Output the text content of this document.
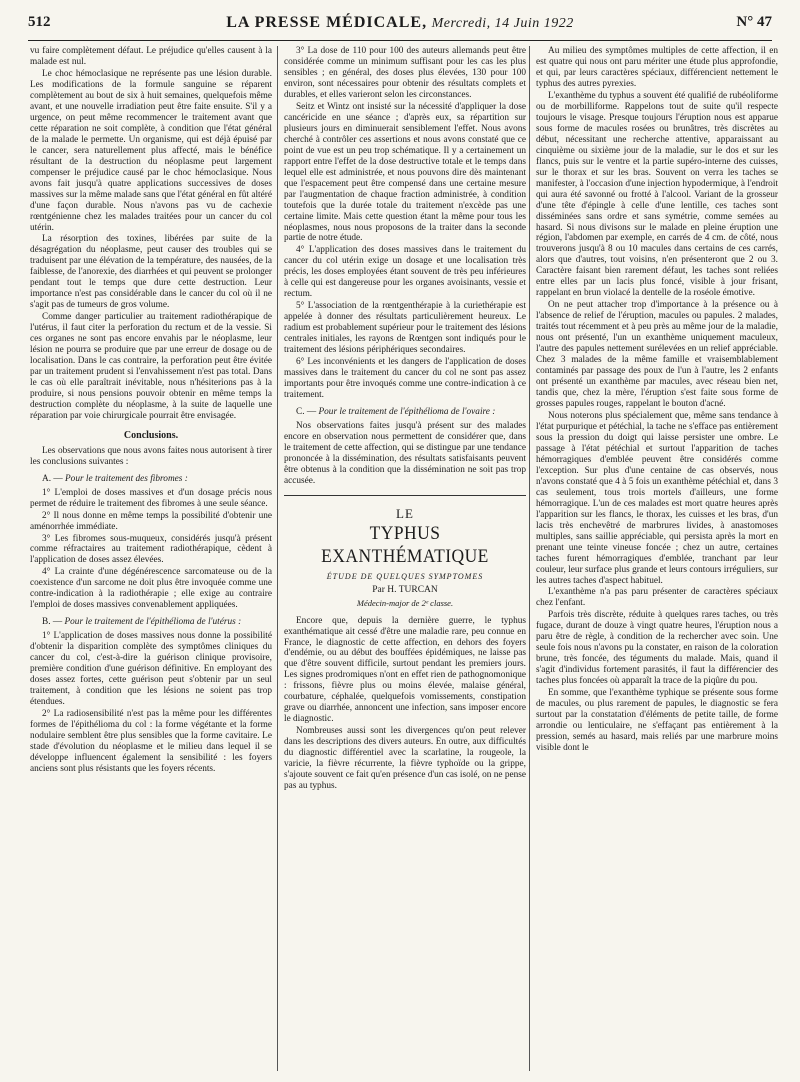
512	LA PRESSE MÉDICALE, Mercredi, 14 Juin 1922	N° 47

vu faire complètement défaut. Le préjudice qu'elles causent à la malade est nul.

Le choc hémoclasique ne représente pas une lésion durable. Les modifications de la formule sanguine se réparent complètement au bout de six à huit semaines, quelquefois même avant, et une nouvelle irradiation peut être faite ensuite. S'il y a urgence, on peut même recommencer le traitement avant que cette réparation ne soit complète, à condition que l'état général de la malade le permette. Un organisme, qui est déjà épuisé par le cancer, sera naturellement plus affecté, mais le bénéfice résultant de la destruction du néoplasme peut largement compenser le préjudice causé par le choc hémoclasique. Nous avons fait jusqu'à quatre applications successives de doses massives sur la même malade sans que l'état général en fût altéré d'une façon durable. Nous n'avons pas vu de cachexie rœntgénienne chez les malades traitées pour un cancer du col utérin.

La résorption des toxines, libérées par suite de la désagrégation du néoplasme, peut causer des troubles qui se traduisent par une élévation de la température, des nausées, de la faiblesse, de l'anorexie, des diarrhées et qui peuvent se prolonger pendant tout le temps que dure cette destruction. Leur importance n'est pas considérable dans le cancer du col où il ne s'agit pas de tumeurs de gros volume.

Comme danger particulier au traitement radiothérapique de l'utérus, il faut citer la perforation du rectum et de la vessie. Si ces organes ne sont pas encore envahis par le néoplasme, leur lésion ne pourra se produire que par une erreur de dosage ou de localisation. Dans le cas contraire, la perforation peut être évitée par un traitement prudent si l'envahissement n'est pas total. Dans le cas où elle paraîtrait inévitable, nous n'hésiterions pas à la produire, si nous pensions pouvoir obtenir en même temps la destruction complète du néoplasme, à la suite de laquelle une réparation par voie chirurgicale pourrait être envisagée.

Conclusions.

Les observations que nous avons faites nous autorisent à tirer les conclusions suivantes :

A. — Pour le traitement des fibromes :

1° L'emploi de doses massives et d'un dosage précis nous permet de réduire le traitement des fibromes à une seule séance.

2° Il nous donne en même temps la possibilité d'obtenir une aménorrhée immédiate.

3° Les fibromes sous-muqueux, considérés jusqu'à présent comme réfractaires au traitement radiothérapique, cèdent à l'application de doses assez élevées.

4° La crainte d'une dégénérescence sarcomateuse ou de la coexistence d'un sarcome ne doit plus être invoquée comme une contre-indication à la radiothérapie ; elle exige au contraire l'emploi de doses massives convenablement appliquées.

B. — Pour le traitement de l'épithélioma de l'utérus :

1° L'application de doses massives nous donne la possibilité d'obtenir la disparition complète des symptômes cliniques du cancer du col, c'est-à-dire la guérison clinique provisoire, première condition d'une guérison définitive. En employant des doses assez fortes, cette guérison peut s'obtenir par un seul traitement, à condition que les lésions ne soient pas trop étendues.

2° La radiosensibilité n'est pas la même pour les différentes formes de l'épithélioma du col : la forme végétante et la forme nodulaire semblent être plus sensibles que la forme cavitaire. Le stade d'évolution du néoplasme et le milieu dans lequel il se développe influencent également la sensibilité : les foyers anciens sont plus résistants que les foyers récents.

3° La dose de 110 pour 100 des auteurs allemands peut être considérée comme un minimum suffisant pour les cas les plus sensibles ; en général, des doses plus élevées, 130 pour 100 environ, sont nécessaires pour obtenir des résultats complets et durables, et elles varieront selon les circonstances.

Seitz et Wintz ont insisté sur la nécessité d'appliquer la dose cancéricide en une séance ; d'après eux, sa répartition sur plusieurs jours en diminuerait sensiblement l'effet. Nous avons cherché à contrôler ces assertions et nous avons constaté que ce point de vue est un peu trop schématique. Il y a certainement un rapport entre l'effet de la dose destructive totale et le temps dans lequel elle est administrée, et nous pouvons dire dès maintenant que l'espacement peut être compensé dans une certaine mesure par l'augmentation de chaque fraction administrée, à condition toutefois que la durée totale du traitement n'excède pas une certaine limite. Mais cette question étant la même pour tous les néoplasmes, nous nous proposons de la traiter dans la seconde partie de notre étude.

4° L'application des doses massives dans le traitement du cancer du col utérin exige un dosage et une localisation très précis, les doses employées étant souvent de très peu inférieures à celle qui est dangereuse pour les organes avoisinants, vessie et rectum.

5° L'association de la rœntgenthérapie à la curiethérapie est appelée à donner des résultats particulièrement heureux. Le radium est probablement supérieur pour le traitement des lésions centrales initiales, les rayons de Rœntgen sont indiqués pour le traitement des lésions périphériques secondaires.

6° Les inconvénients et les dangers de l'application de doses massives dans le traitement du cancer du col ne sont pas assez importants pour être invoqués comme une contre-indication à ce traitement.

C. — Pour le traitement de l'épithélioma de l'ovaire :

Nos observations faites jusqu'à présent sur des malades encore en observation nous permettent de considérer que, dans le traitement de cette affection, qui se distingue par une tendance prononcée à la dissémination, des résultats satisfaisants peuvent être obtenus à la condition que la dissémination ne soit pas trop accusée.

LE
TYPHUS EXANTHÉMATIQUE
ÉTUDE DE QUELQUES SYMPTOMES
Par H. TURCAN
Médecin-major de 2ᵉ classe.

Encore que, depuis la dernière guerre, le typhus exanthématique ait cessé d'être une maladie rare, peu connue en France, le diagnostic de cette affection, en dehors des foyers d'endémie, ou au début des bouffées épidémiques, ne laisse pas que d'être souvent difficile, surtout pendant les premiers jours. Les signes prodromiques n'ont en effet rien de pathognomonique : frissons, fièvre plus ou moins élevée, malaise général, courbature, céphalée, quelquefois vomissements, constipation grave ou diarrhée, annoncent une infection, sans imposer encore le diagnostic.

Nombreuses aussi sont les divergences qu'on peut relever dans les descriptions des divers auteurs. En outre, aux difficultés du diagnostic différentiel avec la scarlatine, la rougeole, la varicie, la fièvre récurrente, la fièvre typhoïde ou la grippe, s'ajoute souvent ce fait qu'en présence d'un cas isolé, on ne pense pas au typhus.

Au milieu des symptômes multiples de cette affection, il en est quatre qui nous ont paru mériter une étude plus approfondie, et qui, par leurs caractères spéciaux, différencient nettement le typhus des autres pyrexies.

L'exanthème du typhus a souvent été qualifié de rubéoliforme ou de morbilliforme. Rappelons tout de suite qu'il respecte toujours le visage. Presque toujours l'éruption nous est apparue sous forme de macules rosées ou brunâtres, très discrètes au début, nécessitant une recherche attentive, apparaissant au cinquième ou sixième jour de la maladie, sur le dos et sur les flancs, puis sur le ventre et la partie supéro-interne des cuisses, sur le thorax et sur les bras. Souvent on verra les taches se manifester, à l'occasion d'une injection hypodermique, à l'endroit qui aura été savonné ou frotté à l'alcool. Variant de la grosseur d'une tête d'épingle à celle d'une lentille, ces taches sont disséminées sans ordre et sans symétrie, comme semées au hasard. Si nous divisons sur le malade en pleine éruption une région, l'abdomen par exemple, en carrés de 4 cm. de côté, nous trouverons jusqu'à 8 ou 10 macules dans certains de ces carrés, alors que d'autres, tout voisins, n'en présenteront que 2 ou 3. Caractère faisant bien rarement défaut, les taches sont reliées entre elles par un lacis plus foncé, visible à jour frisant, rappelant en brun violacé la dentelle de la roséole émotive.

On ne peut attacher trop d'importance à la présence ou à l'absence de relief de l'éruption, macules ou papules. 2 malades, traités tout récemment et à peu près au même jour de la maladie, nous ont présenté, l'un un exanthème uniquement maculeux, l'autre des papules nettement surélevées en un relief appréciable. Chez 3 malades de la même famille et vraisemblablement contaminés par passage des poux de l'un à l'autre, les 2 enfants ont présenté un exanthème par macules, avec réseau bien net, tandis que, chez la mère, l'éruption s'est faite sous forme de grosses papules rouges, rappelant le bouton d'acné.

Nous noterons plus spécialement que, même sans tendance à l'état purpurique et pétéchial, la tache ne s'efface pas entièrement sous la pression du doigt qui laisse persister une ombre. Le passage à l'état pétéchial et surtout l'apparition de taches hémorragiques d'emblée peuvent être considérés comme l'exception. Sur plus d'une centaine de cas observés, nous n'avons constaté que 4 à 5 fois un exanthème pétéchial et, dans 3 cas seulement, tous trois mortels d'ailleurs, une forme hémorragique. L'un de ces malades est mort quatre heures après l'apparition sur les flancs, le thorax, les cuisses et les bras, d'un lacis très enchevêtré de marbrures livides, à anastomoses multiples, sans saillie appréciable, qui persista après la mort en prenant une teinte vineuse foncée ; chez un autre, certaines taches furent hémorragiques d'emblée, tranchant par leur couleur, leur surface plus grande et leurs contours irréguliers, sur les autres taches d'aspect habituel.

L'exanthème n'a pas paru présenter de caractères spéciaux chez l'enfant.

Parfois très discrète, réduite à quelques rares taches, ou très fugace, durant de douze à vingt quatre heures, l'éruption nous a paru être de règle, à condition de la rechercher avec soin. Une seule fois nous n'avons pu la constater, en raison de la coloration brune, très foncée, des téguments du malade. Mais, quand il s'agit d'individus fortement parasités, il faut la différencier des taches plus foncées où apparaît la trace de la piqûre du pou.

En somme, que l'exanthème typhique se présente sous forme de macules, ou plus rarement de papules, le diagnostic se fera surtout par la constatation d'éléments de petite taille, de forme arrondie ou lenticulaire, ne s'effaçant pas entièrement à la pression, semés au hasard, mais reliés par une marbrure moins visible dont le
